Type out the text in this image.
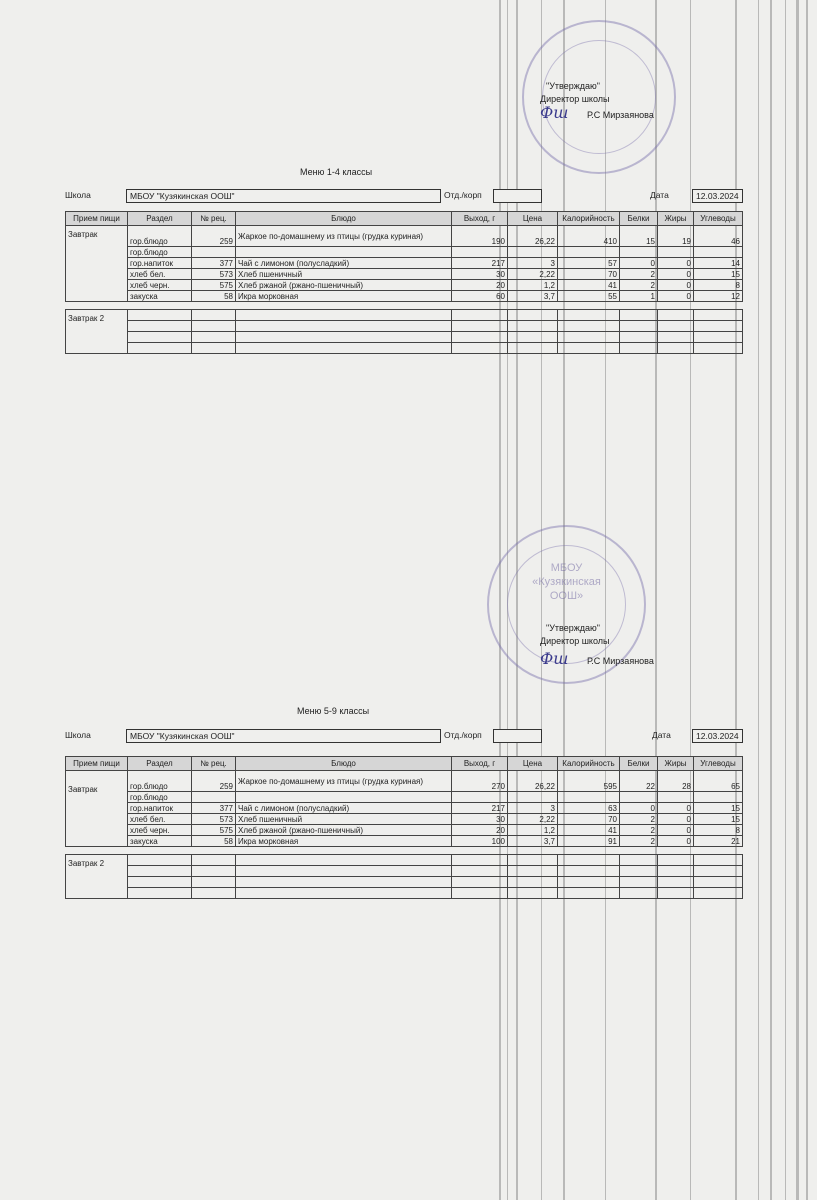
"Утверждаю"
Директор школы
Фш Р.С Мирзаянова
Меню 1-4 классы
Школа	МБОУ "Кузякинская ООШ"	Отд./корп	Дата	12.03.2024
Прием пищи	Раздел	№ рец.	Блюдо	Выход, г	Цена	Калорийность	Белки	Жиры	Углеводы
Завтрак	гор.блюдо	259	Жаркое по-домашнему из птицы (грудка куриная)	190	26,22	410	15	19	46
	гор.блюдо								
	гор.напиток	377	Чай с лимоном (полусладкий)	217	3	57	0	0	14
	хлеб бел.	573	Хлеб пшеничный	30	2,22	70	2	0	15
	хлеб черн.	575	Хлеб ржаной (ржано-пшеничный)	20	1,2	41	2	0	8
	закуска	58	Икра морковная	60	3,7	55	1	0	12

Завтрак 2									

МБОУ «Кузякинская ООШ»
"Утверждаю"
Директор школы
Фш Р.С Мирзаянова
Меню 5-9 классы
Школа	МБОУ "Кузякинская ООШ"	Отд./корп	Дата	12.03.2024
Прием пищи	Раздел	№ рец.	Блюдо	Выход, г	Цена	Калорийность	Белки	Жиры	Углеводы
Завтрак	гор.блюдо	259	Жаркое по-домашнему из птицы (грудка куриная)	270	26,22	595	22	28	65
	гор.блюдо								
	гор.напиток	377	Чай с лимоном (полусладкий)	217	3	63	0	0	15
	хлеб бел.	573	Хлеб пшеничный	30	2,22	70	2	0	15
	хлеб черн.	575	Хлеб ржаной (ржано-пшеничный)	20	1,2	41	2	0	8
	закуска	58	Икра морковная	100	3,7	91	2	0	21

Завтрак 2									
